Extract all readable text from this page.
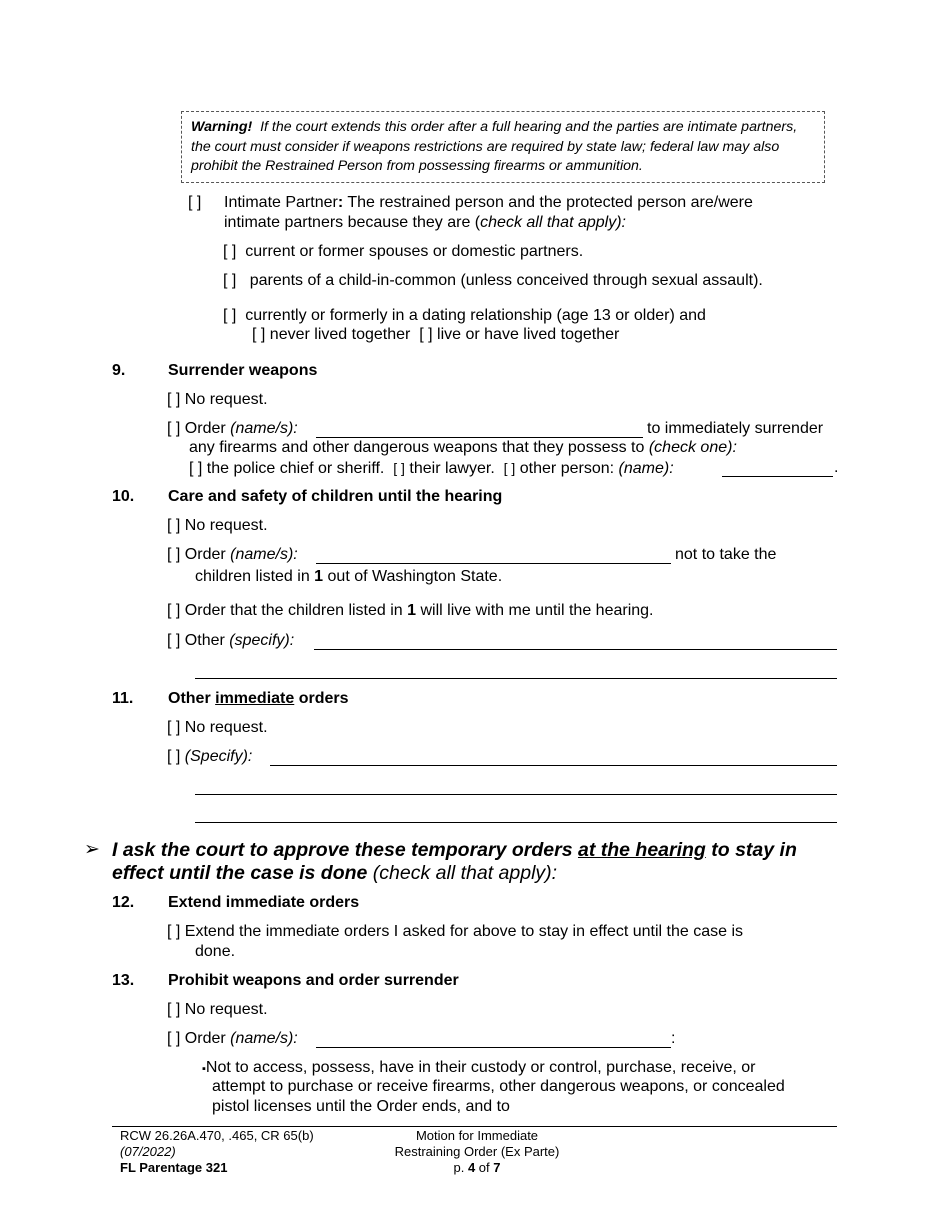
Warning! If the court extends this order after a full hearing and the parties are intimate partners, the court must consider if weapons restrictions are required by state law; federal law may also prohibit the Restrained Person from possessing firearms or ammunition.
[ ] Intimate Partner: The restrained person and the protected person are/were
intimate partners because they are (check all that apply):
[ ] current or former spouses or domestic partners.
[ ] parents of a child-in-common (unless conceived through sexual assault).
[ ] currently or formerly in a dating relationship (age 13 or older) and
[ ] never lived together [ ] live or have lived together
9.	Surrender weapons
[ ] No request.
[ ] Order (name/s):	to immediately surrender
any firearms and other dangerous weapons that they possess to (check one):
[ ] the police chief or sheriff. [ ] their lawyer. [ ] other person: (name):	.
10. Care and safety of children until the hearing
[ ] No request.
[ ] Order (name/s):	not to take the
children listed in 1 out of Washington State.
[ ] Order that the children listed in 1 will live with me until the hearing.
[ ] Other (specify):
11. Other immediate orders
[ ] No request.
[ ] (Specify):
➢ I ask the court to approve these temporary orders at the hearing to stay in
effect until the case is done (check all that apply):
12. Extend immediate orders
[ ] Extend the immediate orders I asked for above to stay in effect until the case is
done.
13. Prohibit weapons and order surrender
[ ] No request.
[ ] Order (name/s):	:
▪Not to access, possess, have in their custody or control, purchase, receive, or
attempt to purchase or receive firearms, other dangerous weapons, or concealed
pistol licenses until the Order ends, and to
RCW 26.26A.470, .465, CR 65(b)
(07/2022)
FL Parentage 321
Motion for Immediate
Restraining Order (Ex Parte)
p. 4 of 7
